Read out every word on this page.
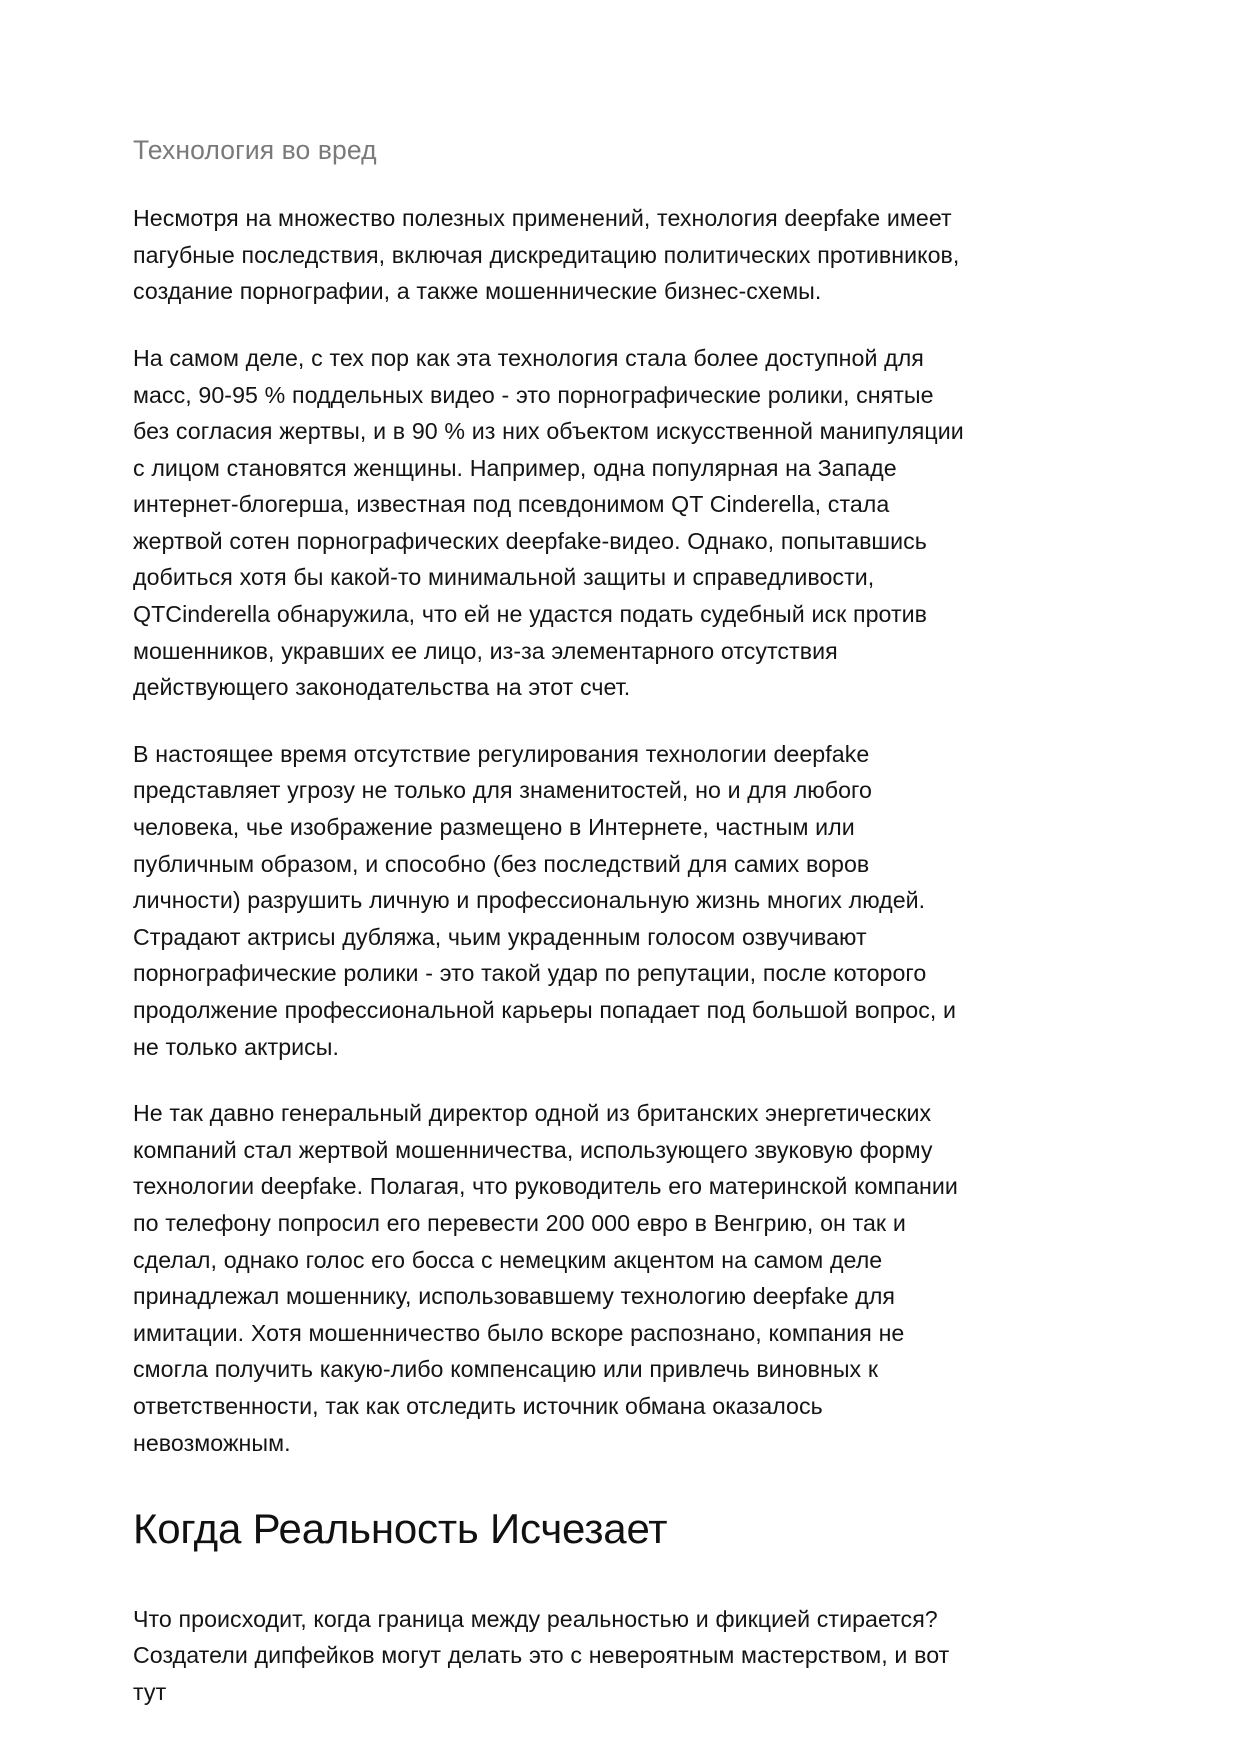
Технология во вред

Несмотря на множество полезных применений, технология deepfake имеет пагубные последствия, включая дискредитацию политических противников, создание порнографии, а также мошеннические бизнес-схемы.

На самом деле, с тех пор как эта технология стала более доступной для масс, 90-95 % поддельных видео - это порнографические ролики, снятые без согласия жертвы, и в 90 % из них объектом искусственной манипуляции с лицом становятся женщины. Например, одна популярная на Западе интернет-блогерша, известная под псевдонимом QT Cinderella, стала жертвой сотен порнографических deepfake-видео. Однако, попытавшись добиться хотя бы какой-то минимальной защиты и справедливости, QTCinderella обнаружила, что ей не удастся подать судебный иск против мошенников, укравших ее лицо, из-за элементарного отсутствия действующего законодательства на этот счет.

В настоящее время отсутствие регулирования технологии deepfake представляет угрозу не только для знаменитостей, но и для любого человека, чье изображение размещено в Интернете, частным или публичным образом, и способно (без последствий для самих воров личности) разрушить личную и профессиональную жизнь многих людей.

Страдают актрисы дубляжа, чьим украденным голосом озвучивают порнографические ролики - это такой удар по репутации, после которого продолжение профессиональной карьеры попадает под большой вопрос, и не только актрисы.

Не так давно генеральный директор одной из британских энергетических компаний стал жертвой мошенничества, использующего звуковую форму технологии deepfake. Полагая, что руководитель его материнской компании по телефону попросил его перевести 200 000 евро в Венгрию, он так и сделал, однако голос его босса с немецким акцентом на самом деле принадлежал мошеннику, использовавшему технологию deepfake для имитации. Хотя мошенничество было вскоре распознано, компания не смогла получить какую-либо компенсацию или привлечь виновных к ответственности, так как отследить источник обмана оказалось невозможным.

Когда Реальность Исчезает

Что происходит, когда граница между реальностью и фикцией стирается? Создатели дипфейков могут делать это с невероятным мастерством, и вот тут
